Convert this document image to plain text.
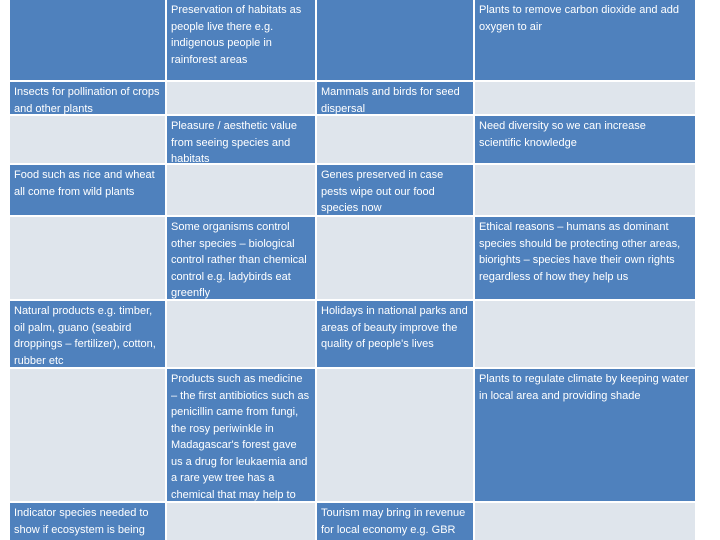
Preservation of habitats as people live there e.g. indigenous people in rainforest areas
Plants to remove carbon dioxide and add oxygen to air
Insects for pollination of crops and other plants
Mammals and birds for seed dispersal
Pleasure / aesthetic value from seeing species and habitats
Need diversity so we can increase scientific knowledge
Food such as rice and wheat all come from wild plants
Genes preserved in case pests wipe out our food species now
Some organisms control other species – biological control rather than chemical control e.g. ladybirds eat greenfly
Ethical reasons – humans as dominant species should be protecting other areas, biorights – species have their own rights regardless of how they help us
Natural products e.g. timber, oil palm, guano (seabird droppings – fertilizer), cotton, rubber etc
Holidays in national parks and areas of beauty improve the quality of people's lives
Products such as medicine – the first antibiotics such as penicillin came from fungi, the rosy periwinkle in Madagascar's forest gave us a drug for leukaemia and a rare yew tree has a chemical that may help to
Plants to regulate climate by keeping water in local area and providing shade
Indicator species needed to show if ecosystem is being
Tourism may bring in revenue for local economy e.g. GBR
